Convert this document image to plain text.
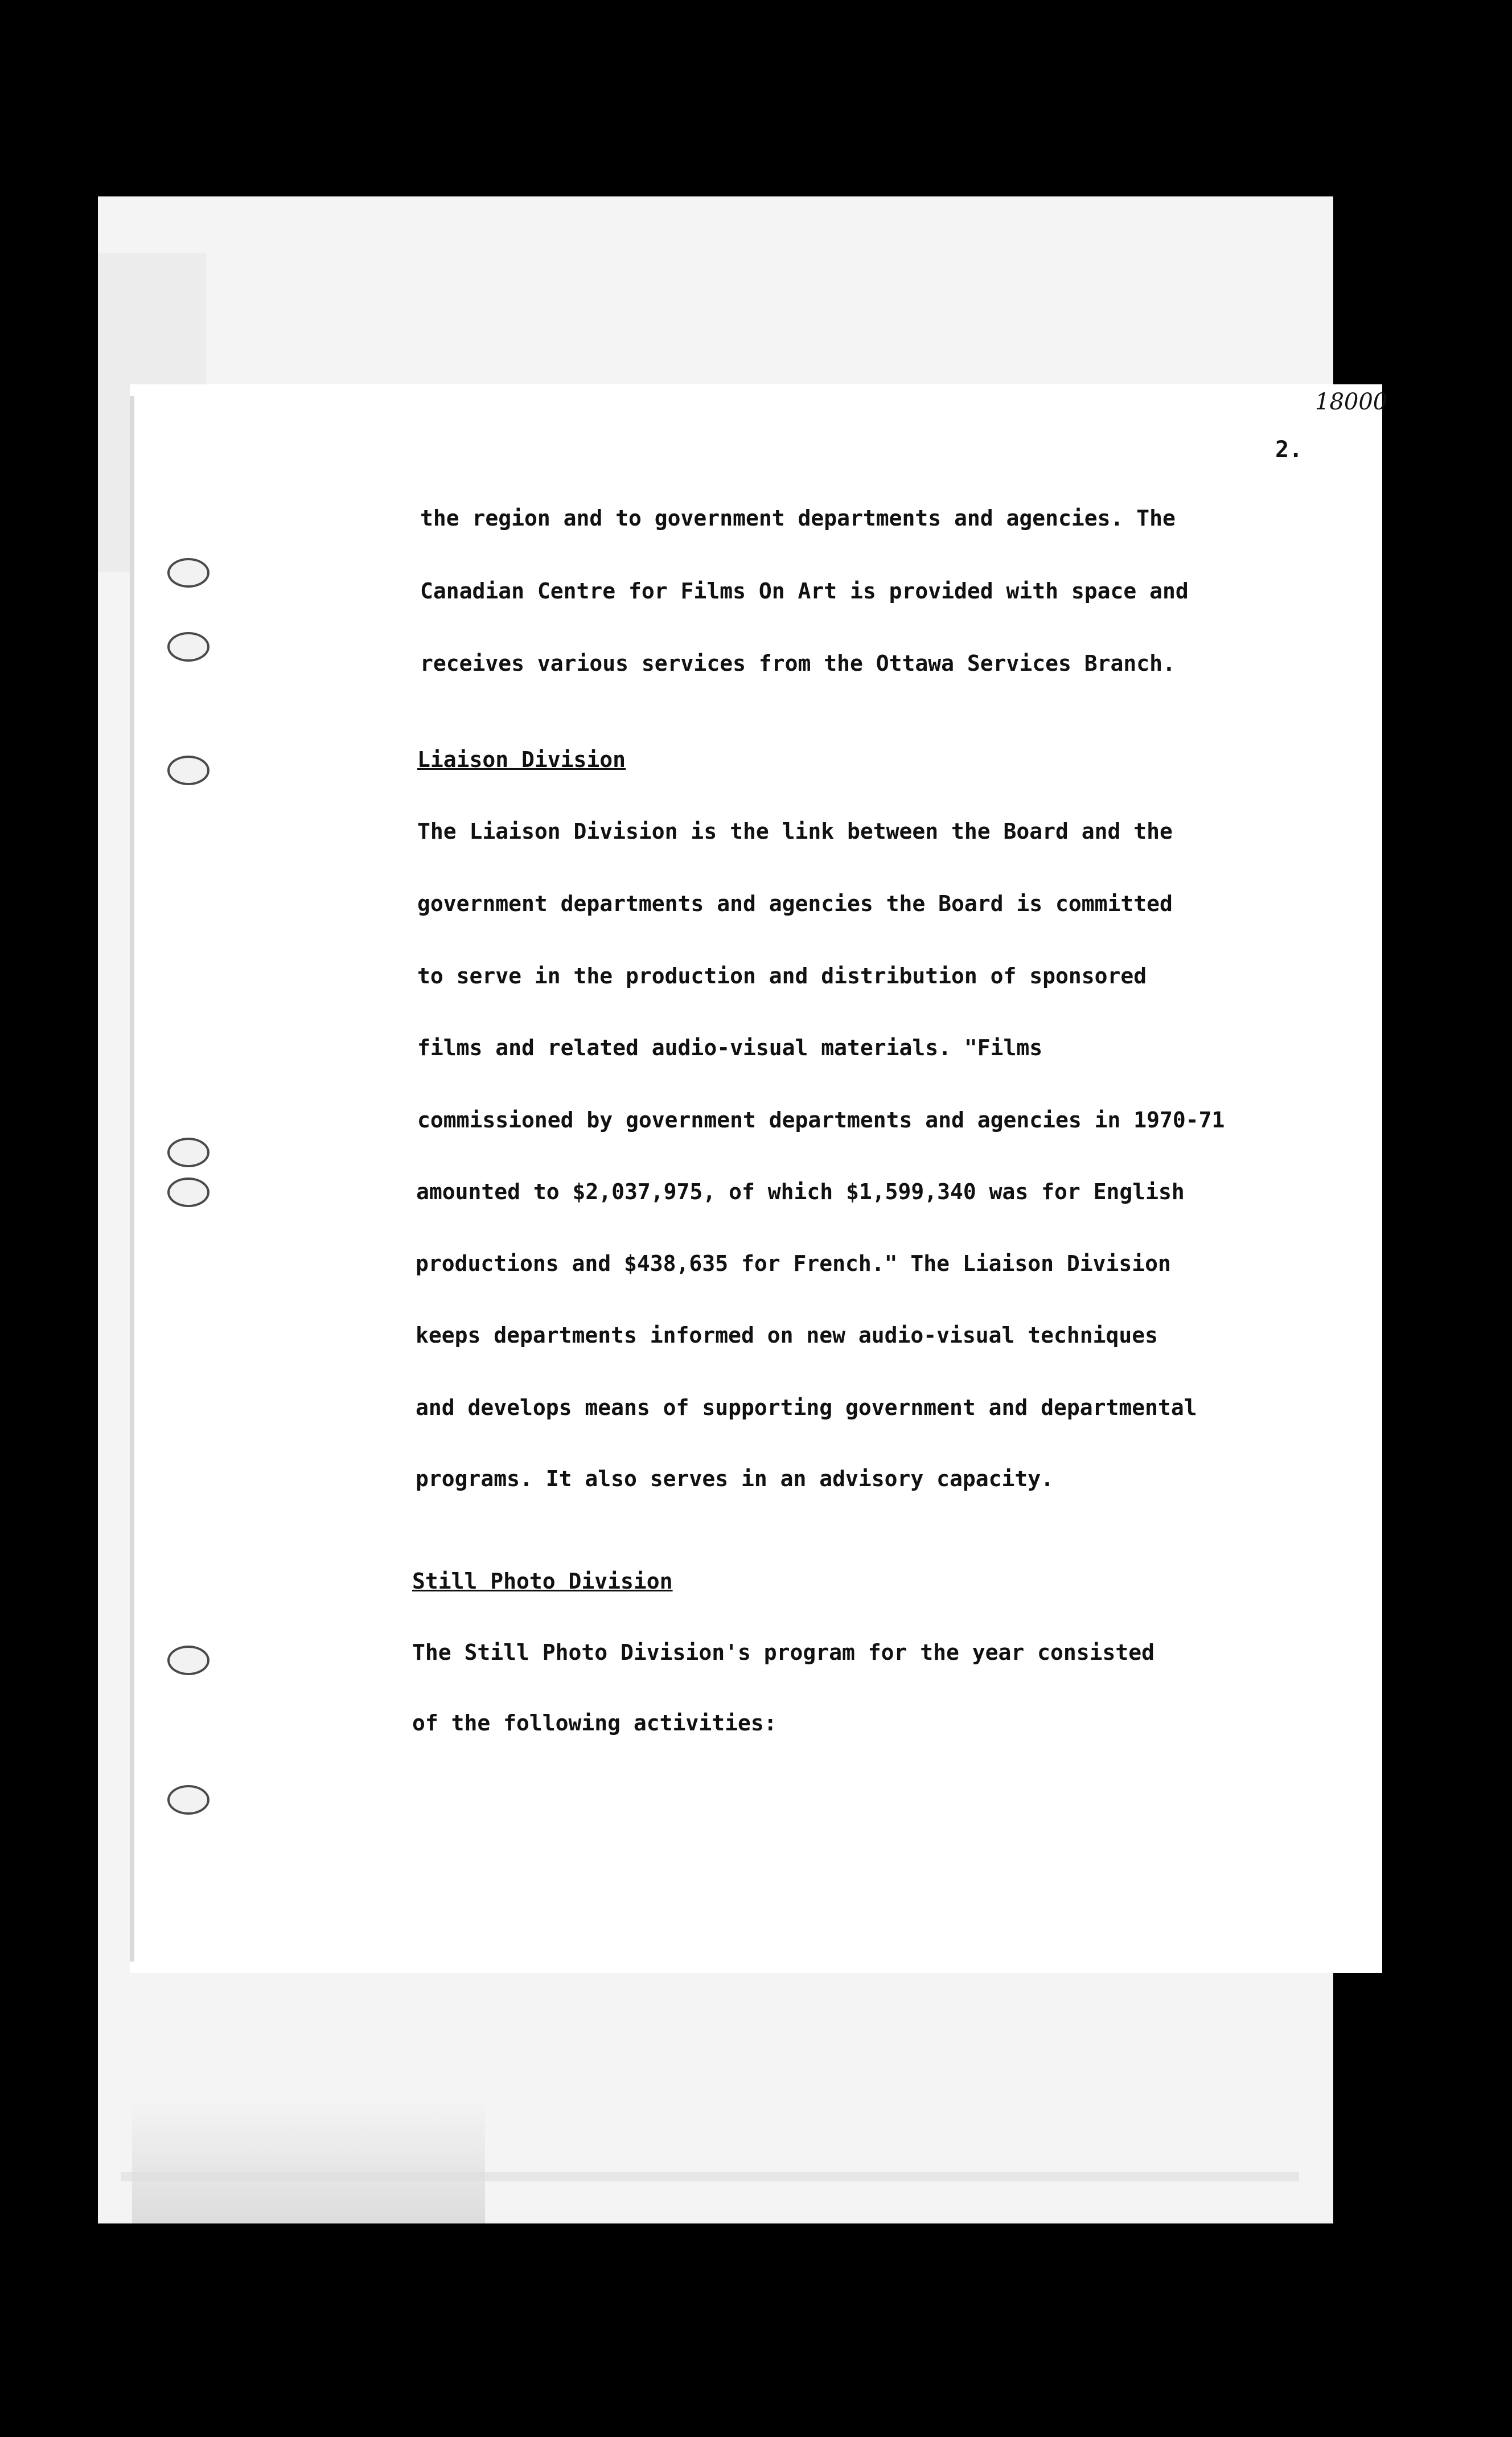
18000
2.
the region and to government departments and agencies. The
Canadian Centre for Films On Art is provided with space and
receives various services from the Ottawa Services Branch.
Liaison Division
The Liaison Division is the link between the Board and the
government departments and agencies the Board is committed
to serve in the production and distribution of sponsored
films and related audio-visual materials. "Films
commissioned by government departments and agencies in 1970-71
amounted to $2,037,975, of which $1,599,340 was for English
productions and $438,635 for French." The Liaison Division
keeps departments informed on new audio-visual techniques
and develops means of supporting government and departmental
programs. It also serves in an advisory capacity.
Still Photo Division
The Still Photo Division's program for the year consisted
of the following activities:
